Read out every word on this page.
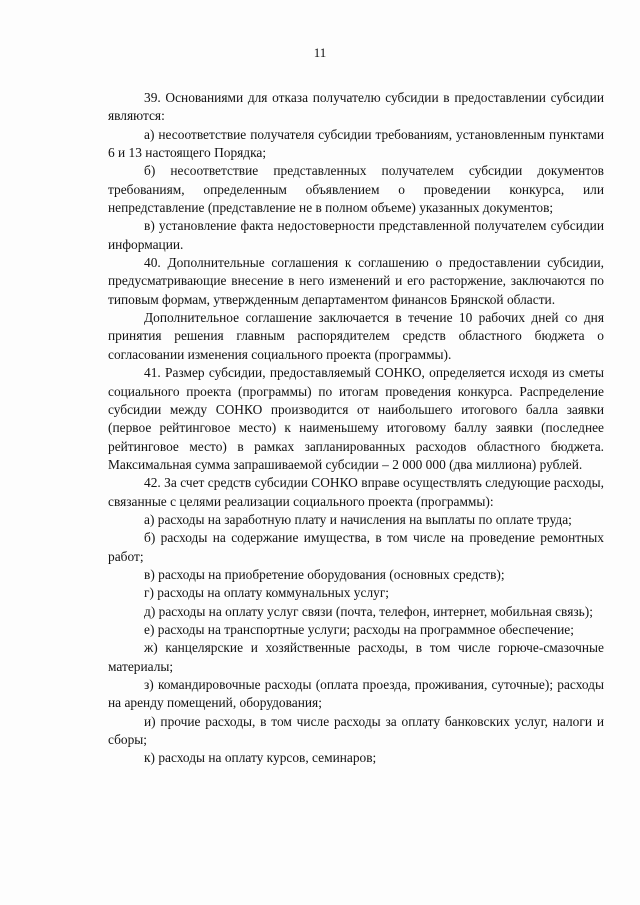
11

39. Основаниями для отказа получателю субсидии в предоставлении субсидии являются:

а) несоответствие получателя субсидии требованиям, установленным пунктами 6 и 13 настоящего Порядка;

б) несоответствие представленных получателем субсидии документов требованиям, определенным объявлением о проведении конкурса, или непредставление (представление не в полном объеме) указанных документов;

в) установление факта недостоверности представленной получателем субсидии информации.

40. Дополнительные соглашения к соглашению о предоставлении субсидии, предусматривающие внесение в него изменений и его расторжение, заключаются по типовым формам, утвержденным департаментом финансов Брянской области.

Дополнительное соглашение заключается в течение 10 рабочих дней со дня принятия решения главным распорядителем средств областного бюджета о согласовании изменения социального проекта (программы).

41. Размер субсидии, предоставляемый СОНКО, определяется исходя из сметы социального проекта (программы) по итогам проведения конкурса. Распределение субсидии между СОНКО производится от наибольшего итогового балла заявки (первое рейтинговое место) к наименьшему итоговому баллу заявки (последнее рейтинговое место) в рамках запланированных расходов областного бюджета. Максимальная сумма запрашиваемой субсидии – 2 000 000 (два миллиона) рублей.

42. За счет средств субсидии СОНКО вправе осуществлять следующие расходы, связанные с целями реализации социального проекта (программы):

а) расходы на заработную плату и начисления на выплаты по оплате труда;

б) расходы на содержание имущества, в том числе на проведение ремонтных работ;

в) расходы на приобретение оборудования (основных средств);

г) расходы на оплату коммунальных услуг;

д) расходы на оплату услуг связи (почта, телефон, интернет, мобильная связь);

е) расходы на транспортные услуги; расходы на программное обеспечение;

ж) канцелярские и хозяйственные расходы, в том числе горюче-смазочные материалы;

з) командировочные расходы (оплата проезда, проживания, суточные); расходы на аренду помещений, оборудования;

и) прочие расходы, в том числе расходы за оплату банковских услуг, налоги и сборы;

к) расходы на оплату курсов, семинаров;
